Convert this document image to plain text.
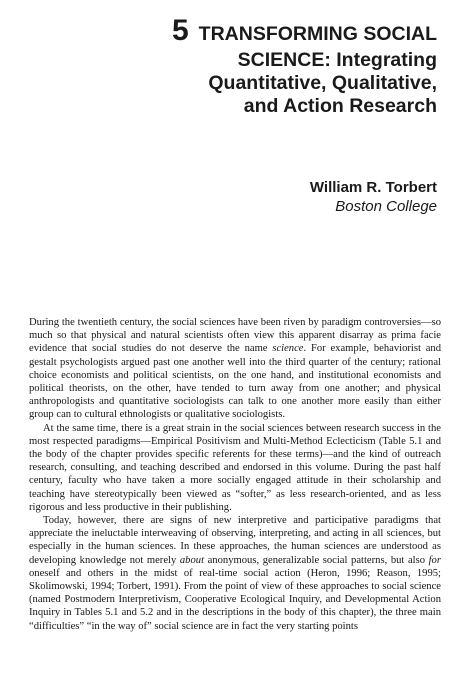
5 TRANSFORMING SOCIAL
SCIENCE: Integrating
Quantitative, Qualitative,
and Action Research
William R. Torbert
Boston College

During the twentieth century, the social sciences have been riven by paradigm controversies—so much so that physical and natural scientists often view this apparent disarray as prima facie evidence that social studies do not deserve the name science. For example, behaviorist and gestalt psychologists argued past one another well into the third quarter of the century; rational choice economists and political scientists, on the one hand, and institutional economists and political theorists, on the other, have tended to turn away from one another; and physical anthropologists and quantitative sociologists can talk to one another more easily than either group can to cultural ethnologists or qualitative sociologists.

At the same time, there is a great strain in the social sciences between research success in the most respected paradigms—Empirical Positivism and Multi-Method Eclecticism (Table 5.1 and the body of the chapter provides specific referents for these terms)—and the kind of outreach research, consulting, and teaching described and endorsed in this volume. During the past half century, faculty who have taken a more socially engaged attitude in their scholarship and teaching have stereotypically been viewed as “softer,” as less research-oriented, and as less rigorous and less productive in their publishing.

Today, however, there are signs of new interpretive and participative paradigms that appreciate the ineluctable interweaving of observing, interpreting, and acting in all sciences, but especially in the human sciences. In these approaches, the human sciences are understood as developing knowledge not merely about anonymous, generalizable social patterns, but also for oneself and others in the midst of real-time social action (Heron, 1996; Reason, 1995; Skolimowski, 1994; Torbert, 1991). From the point of view of these approaches to social science (named Postmodern Interpretivism, Cooperative Ecological Inquiry, and Developmental Action Inquiry in Tables 5.1 and 5.2 and in the descriptions in the body of this chapter), the three main “difficulties” “in the way of” social science are in fact the very starting points
